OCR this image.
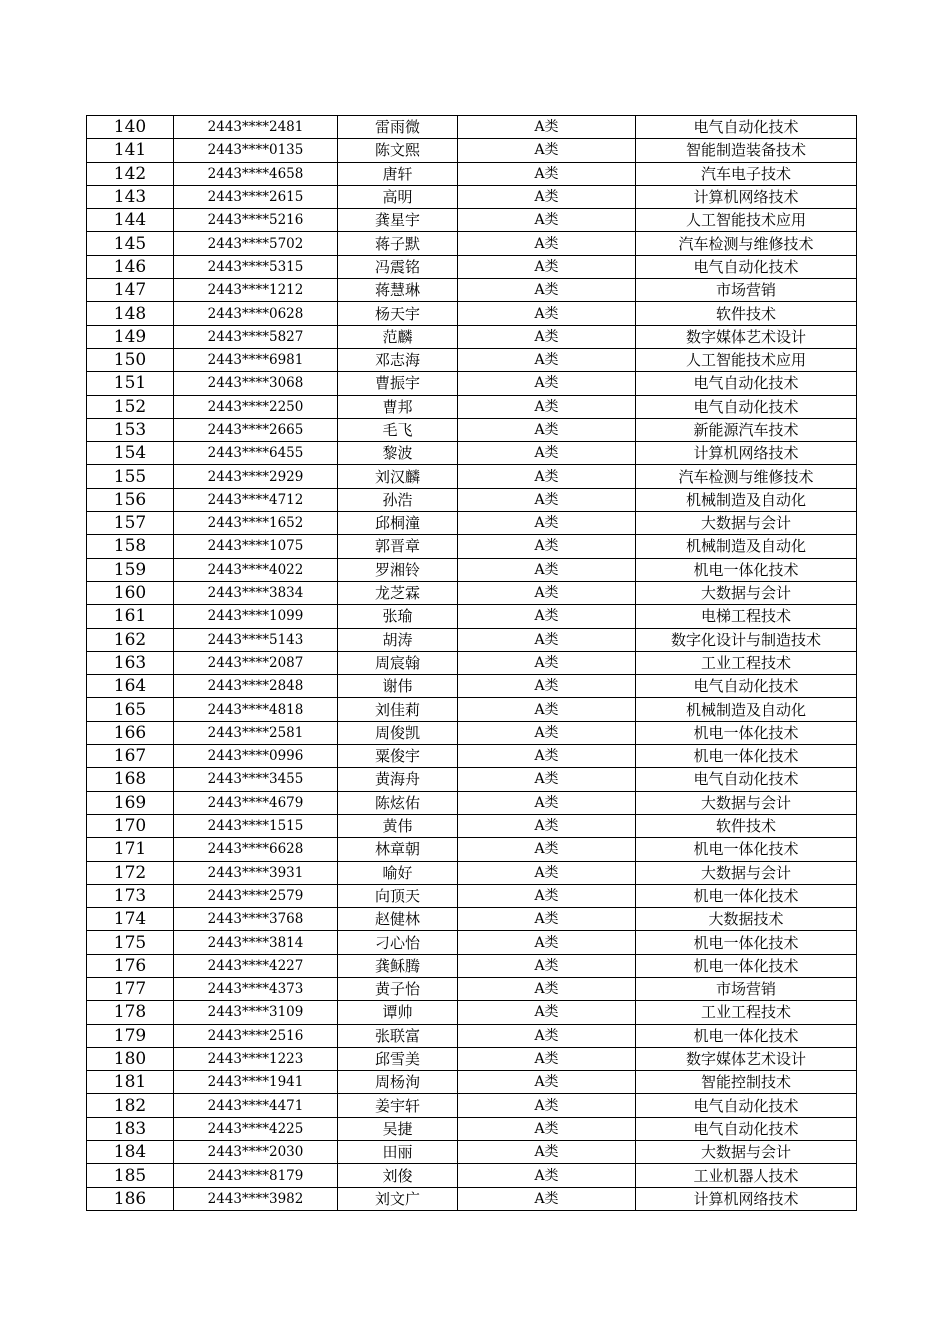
140	2443****2481	雷雨微	A类	电气自动化技术
141	2443****0135	陈文熙	A类	智能制造装备技术
142	2443****4658	唐轩	A类	汽车电子技术
143	2443****2615	高明	A类	计算机网络技术
144	2443****5216	龚星宇	A类	人工智能技术应用
145	2443****5702	蒋子默	A类	汽车检测与维修技术
146	2443****5315	冯震铭	A类	电气自动化技术
147	2443****1212	蒋慧琳	A类	市场营销
148	2443****0628	杨天宇	A类	软件技术
149	2443****5827	范麟	A类	数字媒体艺术设计
150	2443****6981	邓志海	A类	人工智能技术应用
151	2443****3068	曹振宇	A类	电气自动化技术
152	2443****2250	曹邦	A类	电气自动化技术
153	2443****2665	毛飞	A类	新能源汽车技术
154	2443****6455	黎波	A类	计算机网络技术
155	2443****2929	刘汉麟	A类	汽车检测与维修技术
156	2443****4712	孙浩	A类	机械制造及自动化
157	2443****1652	邱桐潼	A类	大数据与会计
158	2443****1075	郭晋章	A类	机械制造及自动化
159	2443****4022	罗湘铃	A类	机电一体化技术
160	2443****3834	龙芝霖	A类	大数据与会计
161	2443****1099	张瑜	A类	电梯工程技术
162	2443****5143	胡涛	A类	数字化设计与制造技术
163	2443****2087	周宸翰	A类	工业工程技术
164	2443****2848	谢伟	A类	电气自动化技术
165	2443****4818	刘佳莉	A类	机械制造及自动化
166	2443****2581	周俊凯	A类	机电一体化技术
167	2443****0996	粟俊宇	A类	机电一体化技术
168	2443****3455	黄海舟	A类	电气自动化技术
169	2443****4679	陈炫佑	A类	大数据与会计
170	2443****1515	黄伟	A类	软件技术
171	2443****6628	林章朝	A类	机电一体化技术
172	2443****3931	喻好	A类	大数据与会计
173	2443****2579	向顶天	A类	机电一体化技术
174	2443****3768	赵健林	A类	大数据技术
175	2443****3814	刁心怡	A类	机电一体化技术
176	2443****4227	龚稣腾	A类	机电一体化技术
177	2443****4373	黄子怡	A类	市场营销
178	2443****3109	谭帅	A类	工业工程技术
179	2443****2516	张联富	A类	机电一体化技术
180	2443****1223	邱雪美	A类	数字媒体艺术设计
181	2443****1941	周杨洵	A类	智能控制技术
182	2443****4471	姜宇轩	A类	电气自动化技术
183	2443****4225	吴捷	A类	电气自动化技术
184	2443****2030	田丽	A类	大数据与会计
185	2443****8179	刘俊	A类	工业机器人技术
186	2443****3982	刘文广	A类	计算机网络技术
